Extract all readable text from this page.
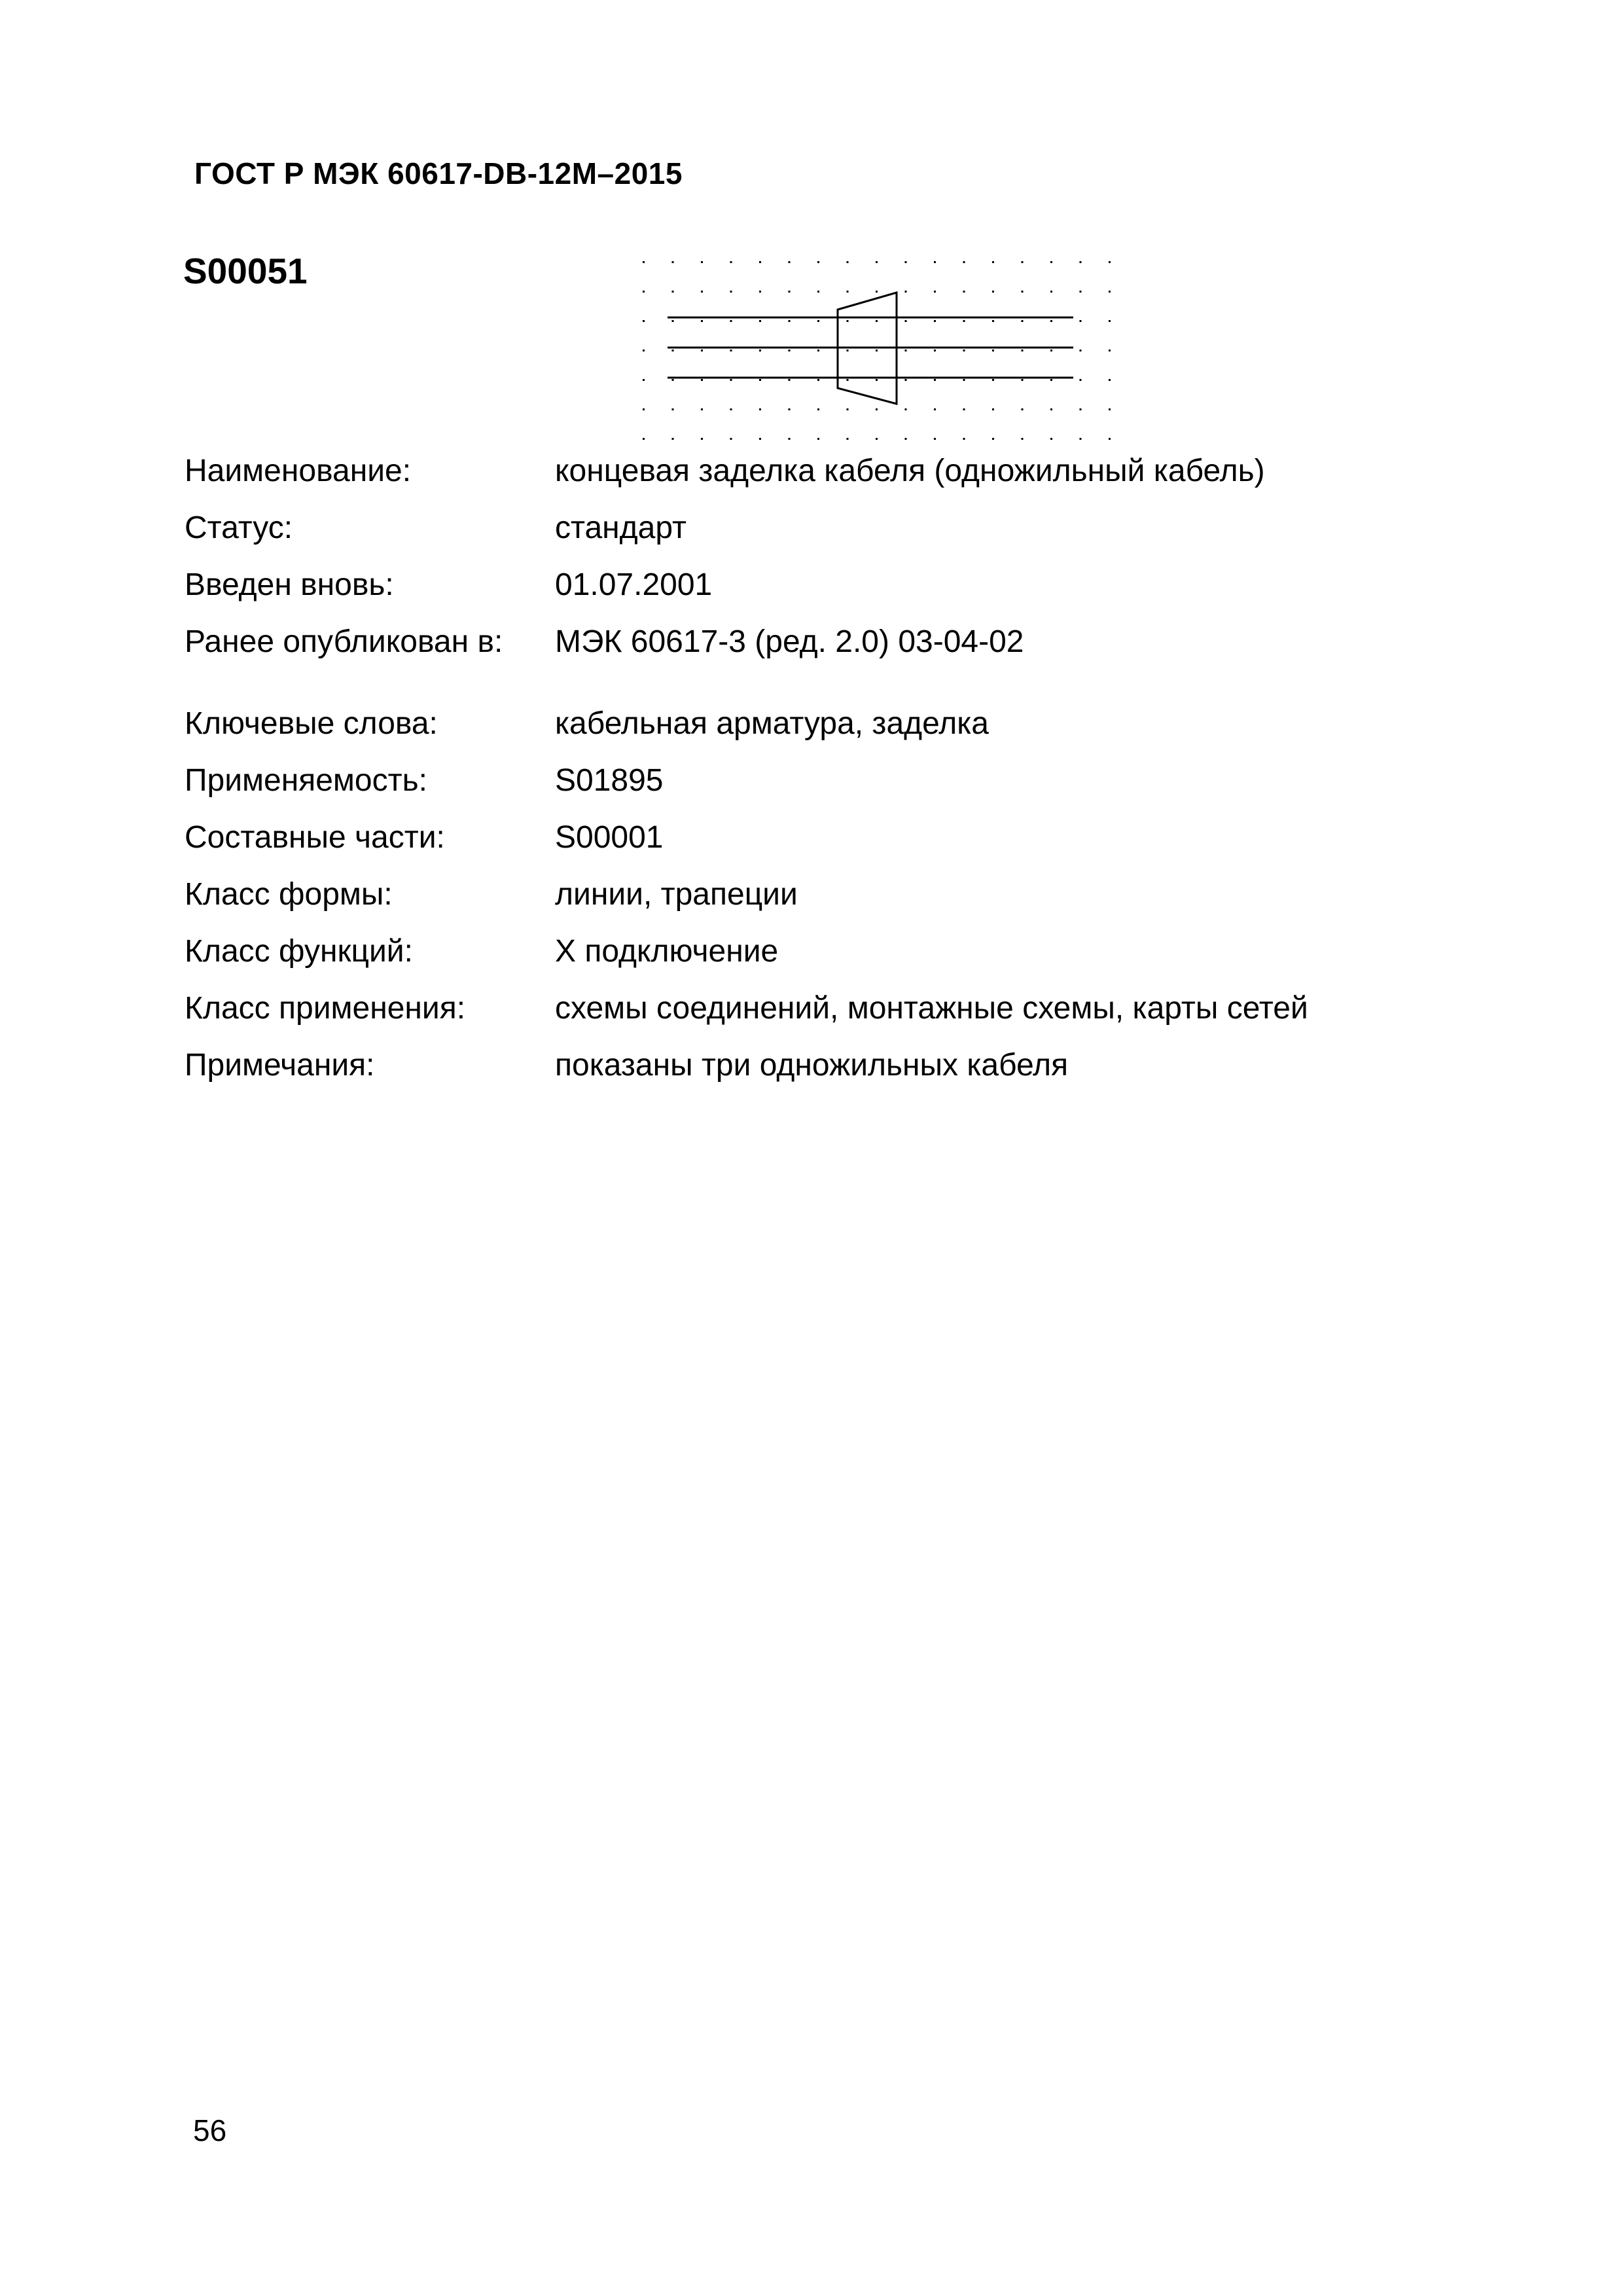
ГОСТ Р МЭК 60617-DB-12M–2015
S00051
Наименование:	концевая заделка кабеля (одножильный кабель)
Статус:	стандарт
Введен вновь:	01.07.2001
Ранее опубликован в:	МЭК 60617-3 (ред. 2.0) 03-04-02
Ключевые слова:	кабельная арматура, заделка
Применяемость:	S01895
Составные части:	S00001
Класс формы:	линии, трапеции
Класс функций:	X подключение
Класс применения:	схемы соединений, монтажные схемы, карты сетей
Примечания:	показаны три одножильных кабеля
56
